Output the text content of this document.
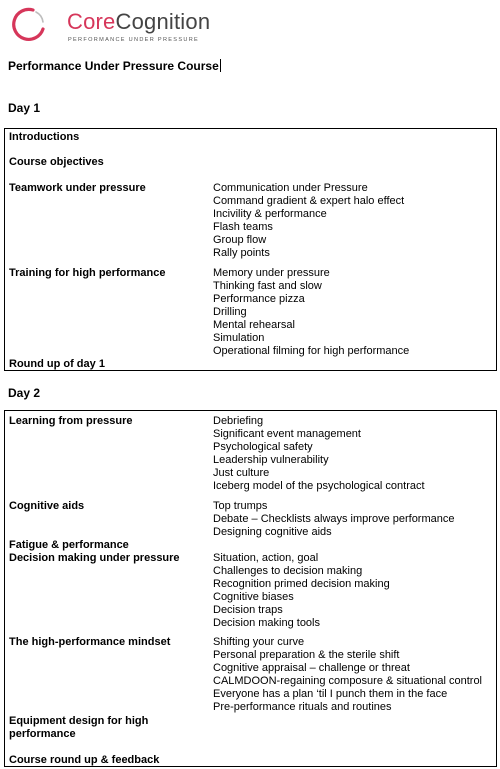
CoreCognition
PERFORMANCE UNDER PRESSURE
Performance Under Pressure Course
Day 1
Introductions
Course objectives
Teamwork under pressure	Communication under Pressure
Command gradient & expert halo effect
Incivility & performance
Flash teams
Group flow
Rally points
Training for high performance	Memory under pressure
Thinking fast and slow
Performance pizza
Drilling
Mental rehearsal
Simulation
Operational filming for high performance
Round up of day 1
Day 2
Learning from pressure	Debriefing
Significant event management
Psychological safety
Leadership vulnerability
Just culture
Iceberg model of the psychological contract
Cognitive aids	Top trumps
Debate – Checklists always improve performance
Designing cognitive aids
Fatigue & performance
Decision making under pressure	Situation, action, goal
Challenges to decision making
Recognition primed decision making
Cognitive biases
Decision traps
Decision making tools
The high-performance mindset	Shifting your curve
Personal preparation & the sterile shift
Cognitive appraisal – challenge or threat
CALMDOON-regaining composure & situational control
Everyone has a plan ‘til I punch them in the face
Pre-performance rituals and routines
Equipment design for high performance
Course round up & feedback
